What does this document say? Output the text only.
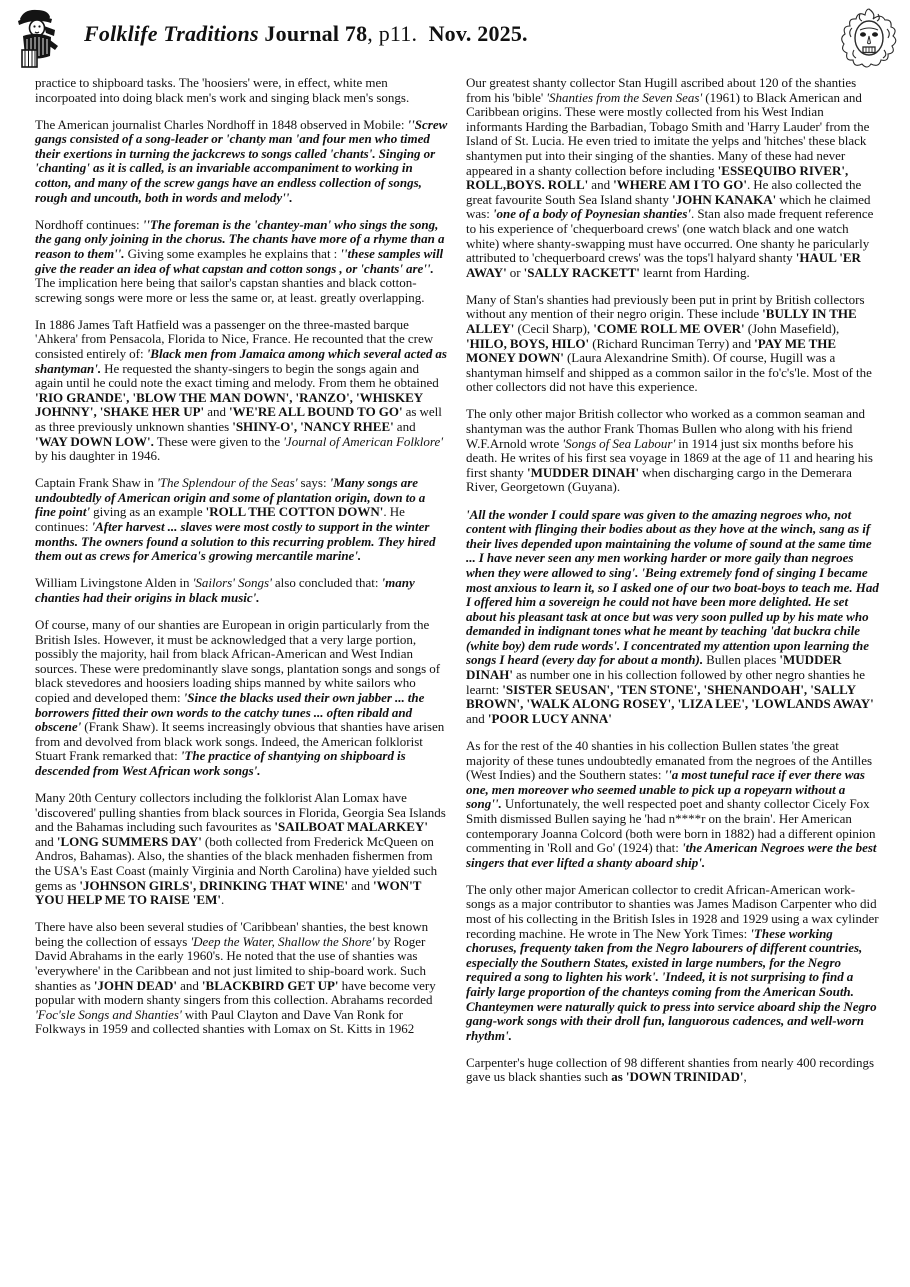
Folklife Traditions Journal 78, p11.  Nov. 2025.

practice to shipboard tasks. The 'hoosiers' were, in effect, white men incorpoated into doing black men's work and singing black men's songs.

The American journalist Charles Nordhoff in 1848 observed in Mobile: ''Screw gangs consisted of a song-leader or 'chanty man 'and four men who timed their exertions in turning the jackcrews to songs called 'chants'. Singing or 'chanting' as it is called, is an invariable accompaniment to working in cotton, and many of the screw gangs have an endless collection of songs, rough and uncouth, both in words and melody''.

Nordhoff continues: ''The foreman is the 'chantey-man' who sings the song, the gang only joining in the chorus. The chants have more of a rhyme than a reason to them''. Giving some examples he explains that : ''these samples will give the reader an idea of what capstan and cotton songs , or 'chants' are''. The implication here being that sailor's capstan shanties and black cotton-screwing songs were more or less the same or, at least. greatly overlapping.

In 1886 James Taft Hatfield was a passenger on the three-masted barque 'Ahkera' from Pensacola, Florida to Nice, France. He recounted that the crew consisted entirely of: 'Black men from Jamaica among which several acted as shantyman'. He requested the shanty-singers to begin the songs again and again until he could note the exact timing and melody. From them he obtained 'RIO GRANDE', 'BLOW THE MAN DOWN', 'RANZO', 'WHISKEY JOHNNY', 'SHAKE HER UP' and 'WE'RE ALL BOUND TO GO' as well as three previously unknown shanties 'SHINY-O', 'NANCY RHEE' and 'WAY DOWN LOW'. These were given to the 'Journal of American Folklore' by his daughter in 1946.

Captain Frank Shaw in 'The Splendour of the Seas' says: 'Many songs are undoubtedly of American origin and some of plantation origin, down to a fine point' giving as an example 'ROLL THE COTTON DOWN'. He continues: 'After harvest ... slaves were most costly to support in the winter months. The owners found a solution to this recurring problem. They hired them out as crews for America's growing mercantile marine'.

William Livingstone Alden in 'Sailors' Songs' also concluded that: 'many chanties had their origins in black music'.

Of course, many of our shanties are European in origin particularly from the British Isles. However, it must be acknowledged that a very large portion, possibly the majority, hail from black African-American and West Indian sources. These were predominantly slave songs, plantation songs and songs of black stevedores and hoosiers loading ships manned by white sailors who copied and developed them: 'Since the blacks used their own jabber ... the borrowers fitted their own words to the catchy tunes ... often ribald and obscene' (Frank Shaw). It seems increasingly obvious that shanties have arisen from and devolved from black work songs. Indeed, the American folklorist Stuart Frank remarked that: 'The practice of shantying on shipboard is descended from West African work songs'.

Many 20th Century collectors including the folklorist Alan Lomax have 'discovered' pulling shanties from black sources in Florida, Georgia Sea Islands and the Bahamas including such favourites as 'SAILBOAT MALARKEY' and 'LONG SUMMERS DAY' (both collected from Frederick McQueen on Andros, Bahamas). Also, the shanties of the black menhaden fishermen from the USA's East Coast (mainly Virginia and North Carolina) have yielded such gems as 'JOHNSON GIRLS', DRINKING THAT WINE' and 'WON'T YOU HELP ME TO RAISE 'EM'.

There have also been several studies of 'Caribbean' shanties, the best known being the collection of essays 'Deep the Water, Shallow the Shore' by Roger David Abrahams in the early 1960's. He noted that the use of shanties was 'everywhere' in the Caribbean and not just limited to ship-board work. Such shanties as 'JOHN DEAD' and 'BLACKBIRD GET UP' have become very popular with modern shanty singers from this collection. Abrahams recorded 'Foc'sle Songs and Shanties' with Paul Clayton and Dave Van Ronk for Folkways in 1959 and collected shanties with Lomax on St. Kitts in 1962

Our greatest shanty collector Stan Hugill ascribed about 120 of the shanties from his 'bible' 'Shanties from the Seven Seas' (1961) to Black American and Caribbean origins. These were mostly collected from his West Indian informants Harding the Barbadian, Tobago Smith and 'Harry Lauder' from the Island of St. Lucia. He even tried to imitate the yelps and 'hitches' these black shantymen put into their singing of the shanties. Many of these had never appeared in a shanty collection before including 'ESSEQUIBO RIVER', ROLL,BOYS. ROLL' and 'WHERE AM I TO GO'. He also collected the great favourite South Sea Island shanty 'JOHN KANAKA' which he claimed was: 'one of a body of Poynesian shanties'. Stan also made frequent reference to his experience of 'chequerboard crews' (one watch black and one watch white) where shanty-swapping must have occurred. One shanty he paricularly attributed to 'chequerboard crews' was the tops'l halyard shanty 'HAUL 'ER AWAY' or 'SALLY RACKETT' learnt from Harding.

Many of Stan's shanties had previously been put in print by British collectors without any mention of their negro origin. These include 'BULLY IN THE ALLEY' (Cecil Sharp), 'COME ROLL ME OVER' (John Masefield), 'HILO, BOYS, HILO' (Richard Runciman Terry) and 'PAY ME THE MONEY DOWN' (Laura Alexandrine Smith). Of course, Hugill was a shantyman himself and shipped as a common sailor in the fo'c's'le. Most of the other collectors did not have this experience.

The only other major British collector who worked as a common seaman and shantyman was the author Frank Thomas Bullen who along with his friend W.F.Arnold wrote 'Songs of Sea Labour' in 1914 just six months before his death. He writes of his first sea voyage in 1869 at the age of 11 and hearing his first shanty 'MUDDER DINAH' when discharging cargo in the Demerara River, Georgetown (Guyana).

'All the wonder I could spare was given to the amazing negroes who, not content with flinging their bodies about as they hove at the winch, sang as if their lives depended upon maintaining the volume of sound at the same time ... I have never seen any men working harder or more gaily than negroes when they were allowed to sing'. 'Being extremely fond of singing I became most anxious to learn it, so I asked one of our two boat-boys to teach me. Had I offered him a sovereign he could not have been more delighted. He set about his pleasant task at once but was very soon pulled up by his mate who demanded in indignant tones what he meant by teaching 'dat buckra chile (white boy) dem rude words'. I concentrated my attention upon learning the songs I heard (every day for about a month). Bullen places 'MUDDER DINAH' as number one in his collection followed by other negro shanties he learnt: 'SISTER SEUSAN', 'TEN STONE', 'SHENANDOAH', 'SALLY BROWN', 'WALK ALONG ROSEY', 'LIZA LEE', 'LOWLANDS AWAY' and 'POOR LUCY ANNA'

As for the rest of the 40 shanties in his collection Bullen states 'the great majority of these tunes undoubtedly emanated from the negroes of the Antilles (West Indies) and the Southern states: ''a most tuneful race if ever there was one, men moreover who seemed unable to pick up a ropeyarn without a song''. Unfortunately, the well respected poet and shanty collector Cicely Fox Smith dismissed Bullen saying he 'had n****r on the brain'. Her American contemporary Joanna Colcord (both were born in 1882) had a different opinion commenting in 'Roll and Go' (1924) that: 'the American Negroes were the best singers that ever lifted a shanty aboard ship'.

The only other major American collector to credit African-American work-songs as a major contributor to shanties was James Madison Carpenter who did most of his collecting in the British Isles in 1928 and 1929 using a wax cylinder recording machine. He wrote in The New York Times: 'These working choruses, frequenty taken from the Negro labourers of different countries, especially the Southern States, existed in large numbers, for the Negro required a song to lighten his work'. 'Indeed, it is not surprising to find a fairly large proportion of the chanteys coming from the American South. Chanteymen were naturally quick to press into service aboard ship the Negro gang-work songs with their droll fun, languorous cadences, and well-worn rhythm'.

Carpenter's huge collection of 98 different shanties from nearly 400 recordings gave us black shanties such as 'DOWN TRINIDAD',
